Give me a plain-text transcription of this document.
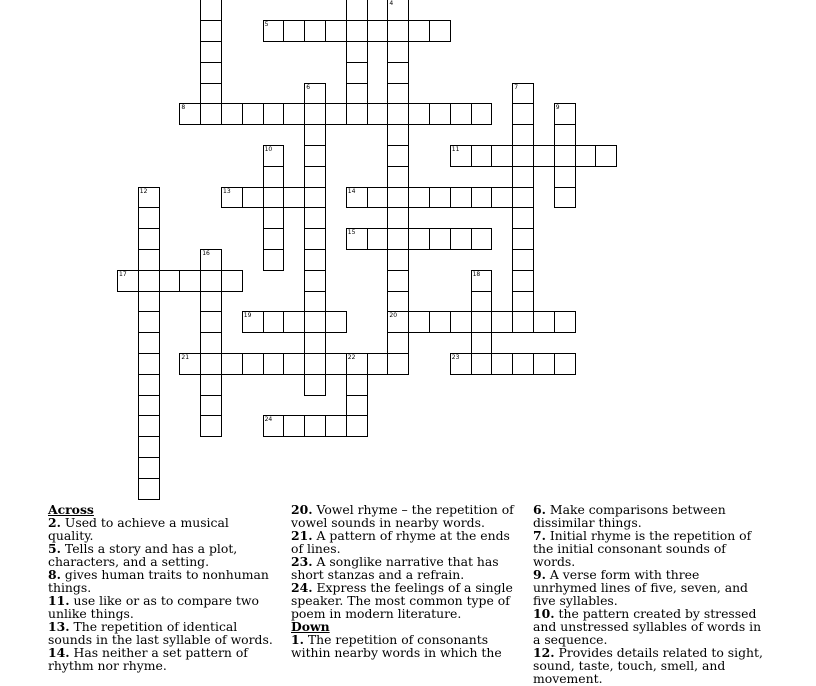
4
5
6	7
8	9
10	11
12	13	14
15
16
17	18
19	20
21	22	23
24

Across

2. Used to achieve a musical quality.
5. Tells a story and has a plot, characters, and a setting.
8. gives human traits to nonhuman things.
11. use like or as to compare two unlike things.
13. The repetition of identical sounds in the last syllable of words.
14. Has neither a set pattern of rhythm nor rhyme.
20. Vowel rhyme – the repetition of vowel sounds in nearby words.
21. A pattern of rhyme at the ends of lines.
23. A songlike narrative that has short stanzas and a refrain.
24. Express the feelings of a single speaker. The most common type of poem in modern literature.

Down

1. The repetition of consonants within nearby words in which the
6. Make comparisons between dissimilar things.
7. Initial rhyme is the repetition of the initial consonant sounds of words.
9. A verse form with three unrhymed lines of five, seven, and five syllables.
10. the pattern created by stressed and unstressed syllables of words in a sequence.
12. Provides details related to sight, sound, taste, touch, smell, and movement.
